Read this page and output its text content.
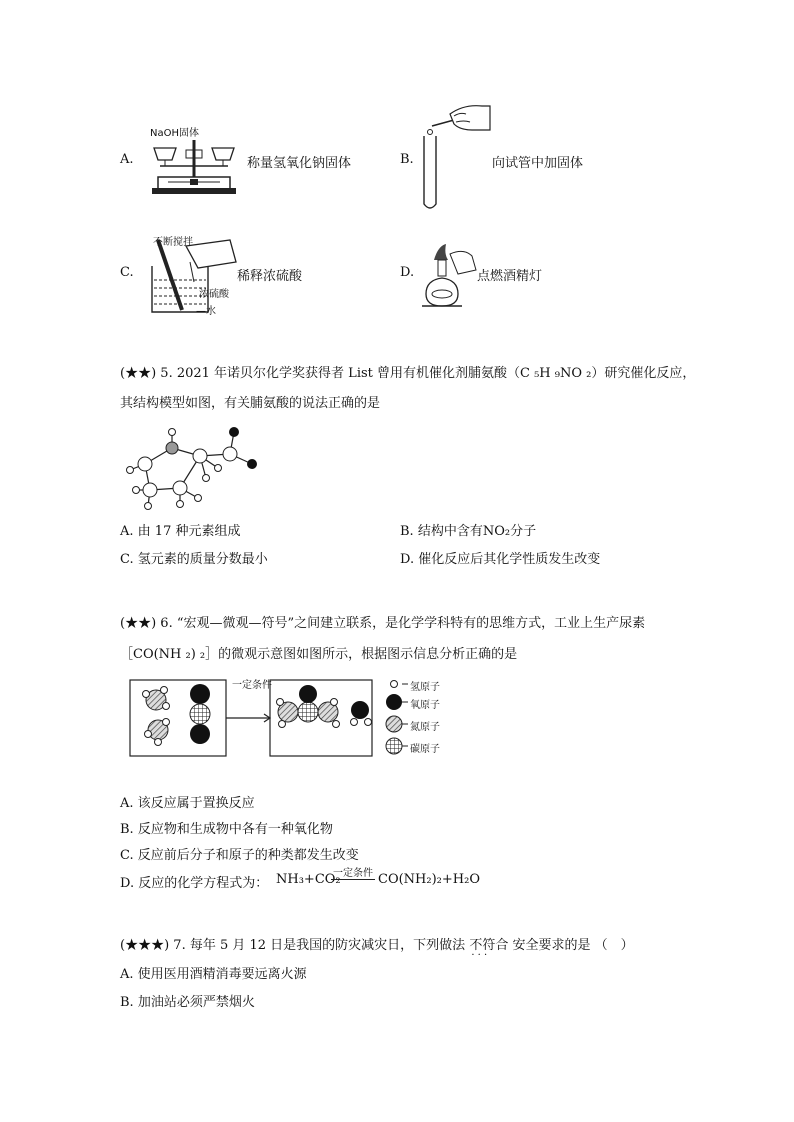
A.
NaOH固体
称量氢氧化钠固体	B.	向试管中加固体
C.
不断搅拌
浓硫酸
—水
稀释浓硫酸	D.	点燃酒精灯
(★★) 5. 2021 年诺贝尔化学奖获得者 List 曾用有机催化剂脯氨酸（C ₅H ₉NO ₂）研究催化反应，
其结构模型如图，有关脯氨酸的说法正确的是
A. 由 17 种元素组成	B. 结构中含有NO₂分子
C. 氢元素的质量分数最小	D. 催化反应后其化学性质发生改变
(★★) 6. “宏观—微观—符号”之间建立联系，是化学学科特有的思维方式，工业上生产尿素
［CO(NH ₂) ₂］的微观示意图如图所示，根据图示信息分析正确的是
一定条件	氢原子
氧原子
氮原子
碳原子
A. 该反应属于置换反应
B. 反应物和生成物中各有一种氧化物
C. 反应前后分子和原子的种类都发生改变
D. 反应的化学方程式为： NH₃+CO₂
一定条件 CO(NH₂)₂+H₂O
(★★★) 7. 每年 5 月 12 日是我国的防灾减灾日，下列做法 不符合 · · · 安全要求的是 （　）
A. 使用医用酒精消毒要远离火源
B. 加油站必须严禁烟火
